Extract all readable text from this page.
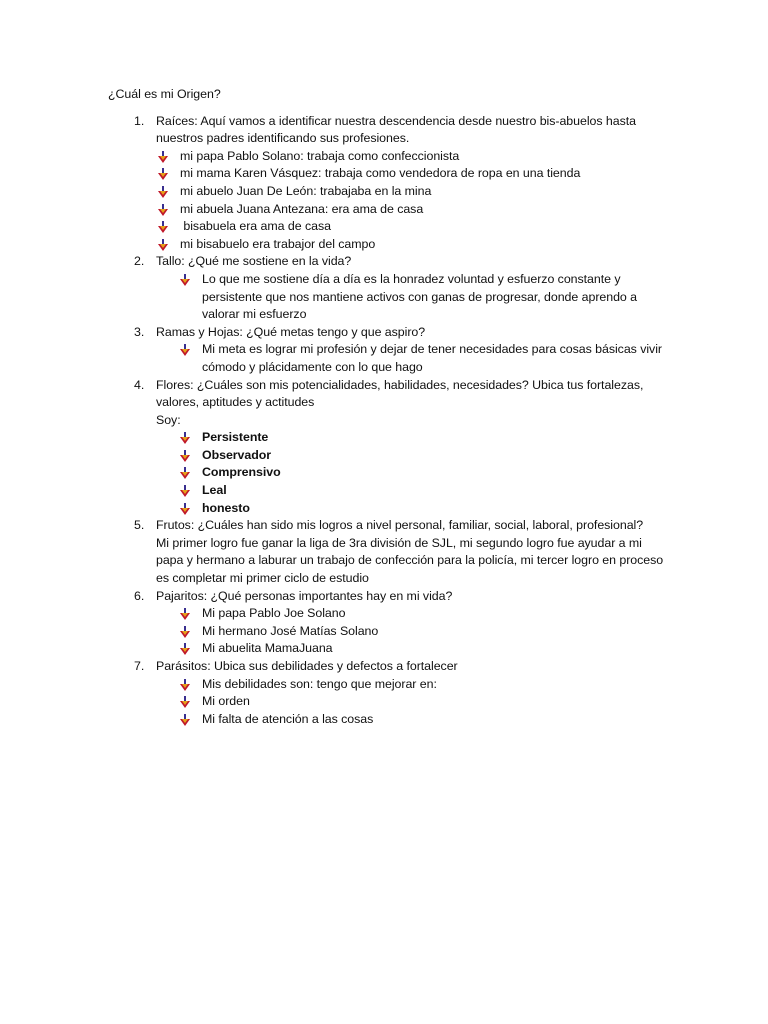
¿Cuál es mi Origen?

1. Raíces: Aquí vamos a identificar nuestra descendencia desde nuestro bis-abuelos hasta nuestros padres identificando sus profesiones.
mi papa Pablo Solano: trabaja como confeccionista
mi mama Karen Vásquez: trabaja como vendedora de ropa en una tienda
mi abuelo Juan De León: trabajaba en la mina
mi abuela Juana Antezana: era ama de casa
bisabuela era ama de casa
mi bisabuelo era trabajor del campo
2. Tallo: ¿Qué me sostiene en la vida?
Lo que me sostiene día a día es la honradez voluntad y esfuerzo constante y persistente que nos mantiene activos con ganas de progresar, donde aprendo a valorar mi esfuerzo
3. Ramas y Hojas: ¿Qué metas tengo y que aspiro?
Mi meta es lograr mi profesión y dejar de tener necesidades para cosas básicas vivir cómodo y plácidamente con lo que hago
4. Flores: ¿Cuáles son mis potencialidades, habilidades, necesidades? Ubica tus fortalezas, valores, aptitudes y actitudes
Soy:
Persistente
Observador
Comprensivo
Leal
honesto
5. Frutos: ¿Cuáles han sido mis logros a nivel personal, familiar, social, laboral, profesional?
Mi primer logro fue ganar la liga de 3ra división de SJL, mi segundo logro fue ayudar a mi papa y hermano a laburar un trabajo de confección para la policía, mi tercer logro en proceso es completar mi primer ciclo de estudio
6. Pajaritos: ¿Qué personas importantes hay en mi vida?
Mi papa Pablo Joe Solano
Mi hermano José Matías Solano
Mi abuelita MamaJuana
7. Parásitos: Ubica sus debilidades y defectos a fortalecer
Mis debilidades son: tengo que mejorar en:
Mi orden
Mi falta de atención a las cosas
